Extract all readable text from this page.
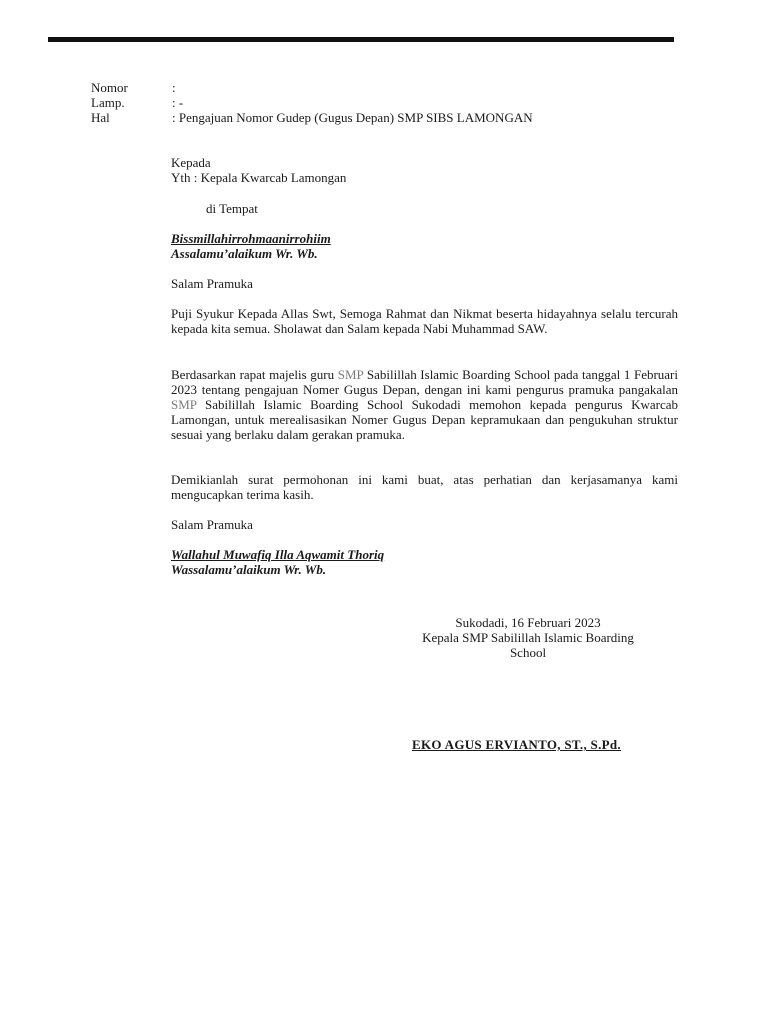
Nomor	:
Lamp.	: -
Hal	: Pengajuan Nomor Gudep (Gugus Depan) SMP SIBS LAMONGAN
Kepada
Yth : Kepala Kwarcab Lamongan
di Tempat
Bissmillahirrohmaanirrohiim
Assalamu’alaikum Wr. Wb.
Salam Pramuka
Puji Syukur Kepada Allas Swt, Semoga Rahmat dan Nikmat beserta hidayahnya selalu tercurah kepada kita semua. Sholawat dan Salam kepada Nabi Muhammad SAW.
Berdasarkan rapat majelis guru SMP Sabilillah Islamic Boarding School pada tanggal 1 Februari 2023 tentang pengajuan Nomer Gugus Depan, dengan ini kami pengurus pramuka pangakalan SMP Sabilillah Islamic Boarding School Sukodadi memohon kepada pengurus Kwarcab Lamongan, untuk merealisasikan Nomer Gugus Depan kepramukaan dan pengukuhan struktur sesuai yang berlaku dalam gerakan pramuka.
Demikianlah surat permohonan ini kami buat, atas perhatian dan kerjasamanya kami mengucapkan terima kasih.
Salam Pramuka
Wallahul Muwafiq Illa Aqwamit Thoriq
Wassalamu’alaikum Wr. Wb.
Sukodadi, 16 Februari 2023
Kepala SMP Sabilillah Islamic Boarding
School
EKO AGUS ERVIANTO, ST., S.Pd.
